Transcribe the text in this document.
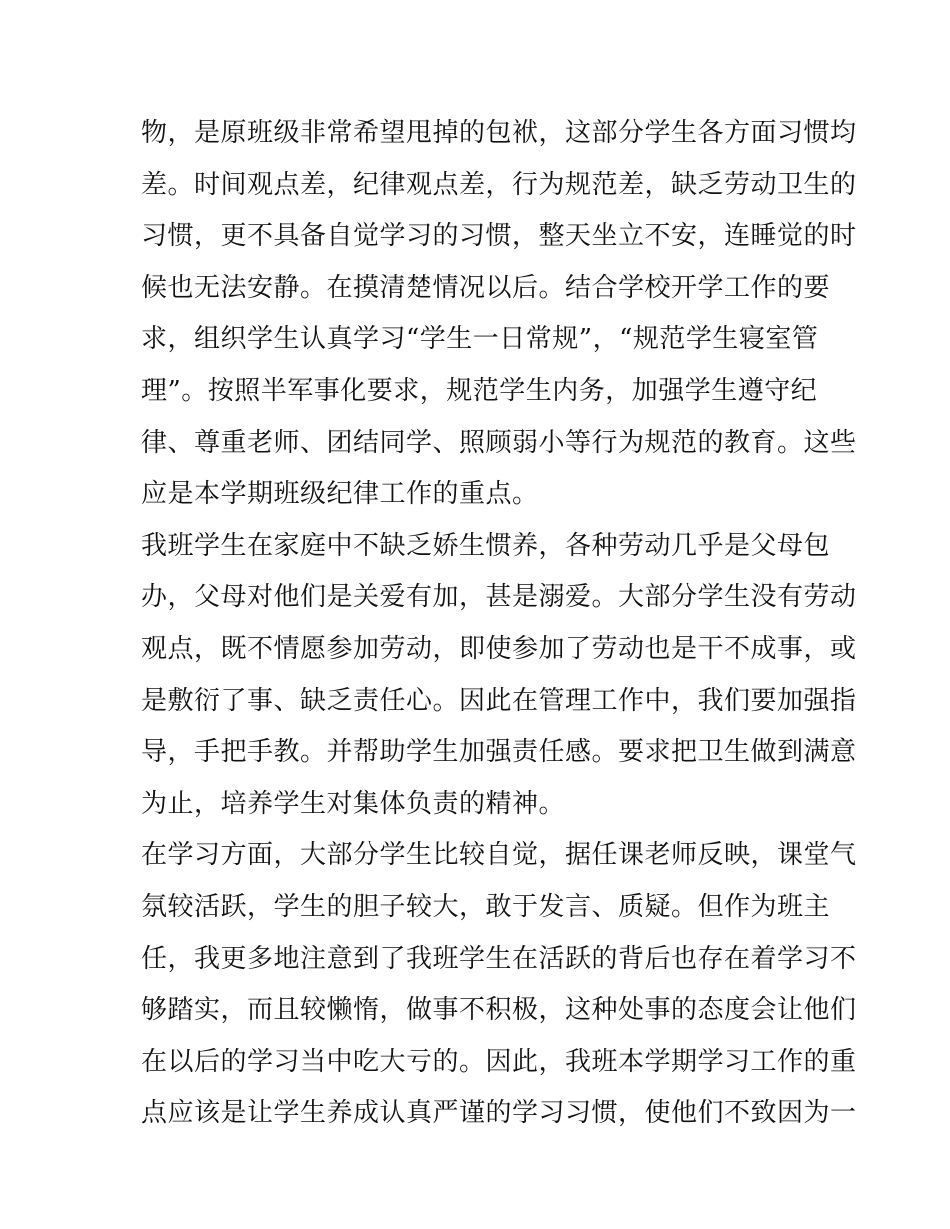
物，是原班级非常希望甩掉的包袱，这部分学生各方面习惯均
差。时间观点差，纪律观点差，行为规范差，缺乏劳动卫生的
习惯，更不具备自觉学习的习惯，整天坐立不安，连睡觉的时
候也无法安静。在摸清楚情况以后。结合学校开学工作的要
求，组织学生认真学习“学生一日常规”，“规范学生寝室管
理”。按照半军事化要求，规范学生内务，加强学生遵守纪
律、尊重老师、团结同学、照顾弱小等行为规范的教育。这些
应是本学期班级纪律工作的重点。
我班学生在家庭中不缺乏娇生惯养，各种劳动几乎是父母包
办，父母对他们是关爱有加，甚是溺爱。大部分学生没有劳动
观点，既不情愿参加劳动，即使参加了劳动也是干不成事，或
是敷衍了事、缺乏责任心。因此在管理工作中，我们要加强指
导，手把手教。并帮助学生加强责任感。要求把卫生做到满意
为止，培养学生对集体负责的精神。
在学习方面，大部分学生比较自觉，据任课老师反映，课堂气
氛较活跃，学生的胆子较大，敢于发言、质疑。但作为班主
任，我更多地注意到了我班学生在活跃的背后也存在着学习不
够踏实，而且较懒惰，做事不积极，这种处事的态度会让他们
在以后的学习当中吃大亏的。因此，我班本学期学习工作的重
点应该是让学生养成认真严谨的学习习惯，使他们不致因为一
